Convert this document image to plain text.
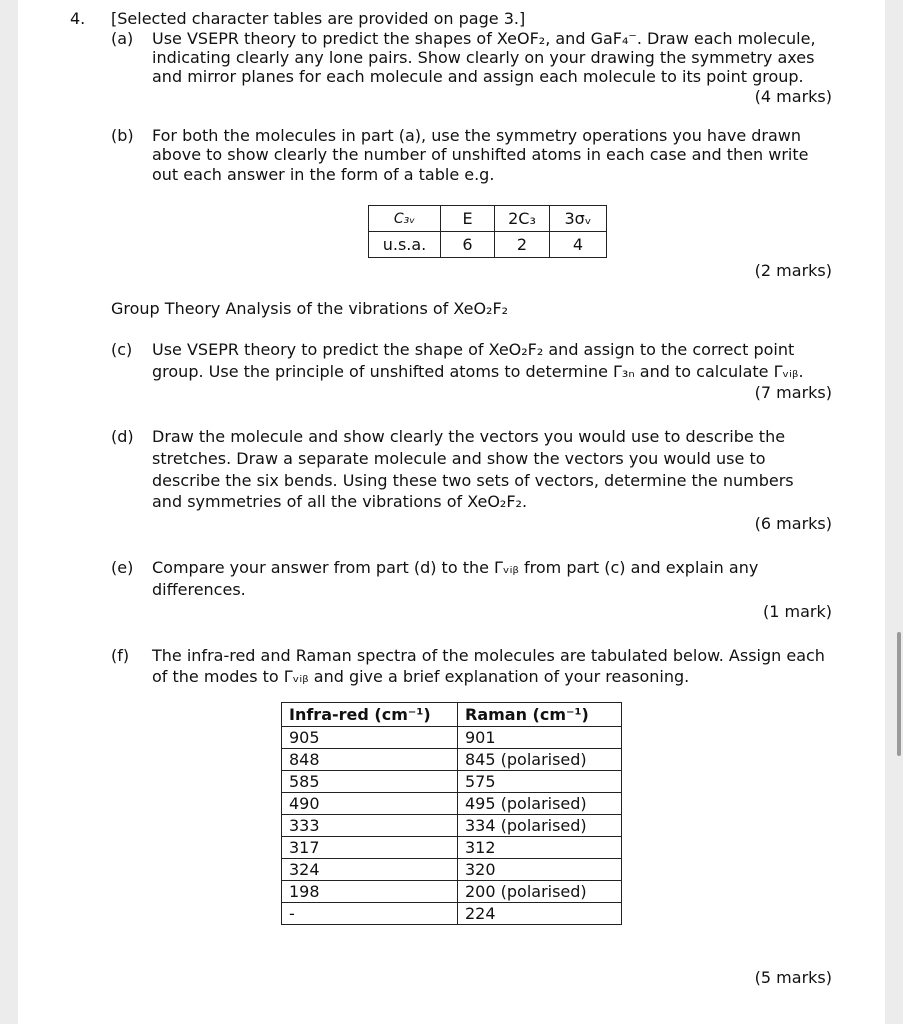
4. [Selected character tables are provided on page 3.]
(a) Use VSEPR theory to predict the shapes of XeOF₂, and GaF₄⁻. Draw each molecule,
indicating clearly any lone pairs. Show clearly on your drawing the symmetry axes
and mirror planes for each molecule and assign each molecule to its point group.
(4 marks)
(b) For both the molecules in part (a), use the symmetry operations you have drawn
above to show clearly the number of unshifted atoms in each case and then write
out each answer in the form of a table e.g.
C₃ᵥ	E	2C₃	3σᵥ
u.s.a.	6	2	4
(2 marks)
Group Theory Analysis of the vibrations of XeO₂F₂
(c) Use VSEPR theory to predict the shape of XeO₂F₂ and assign to the correct point
group. Use the principle of unshifted atoms to determine Γ₃ₙ and to calculate Γᵥᵢᵦ.
(7 marks)
(d) Draw the molecule and show clearly the vectors you would use to describe the
stretches. Draw a separate molecule and show the vectors you would use to
describe the six bends. Using these two sets of vectors, determine the numbers
and symmetries of all the vibrations of XeO₂F₂.
(6 marks)
(e) Compare your answer from part (d) to the Γᵥᵢᵦ from part (c) and explain any
differences.
(1 mark)
(f) The infra-red and Raman spectra of the molecules are tabulated below. Assign each
of the modes to Γᵥᵢᵦ and give a brief explanation of your reasoning.
Infra-red (cm⁻¹)	Raman (cm⁻¹)
905	901
848	845 (polarised)
585	575
490	495 (polarised)
333	334 (polarised)
317	312
324	320
198	200 (polarised)
-	224
(5 marks)
